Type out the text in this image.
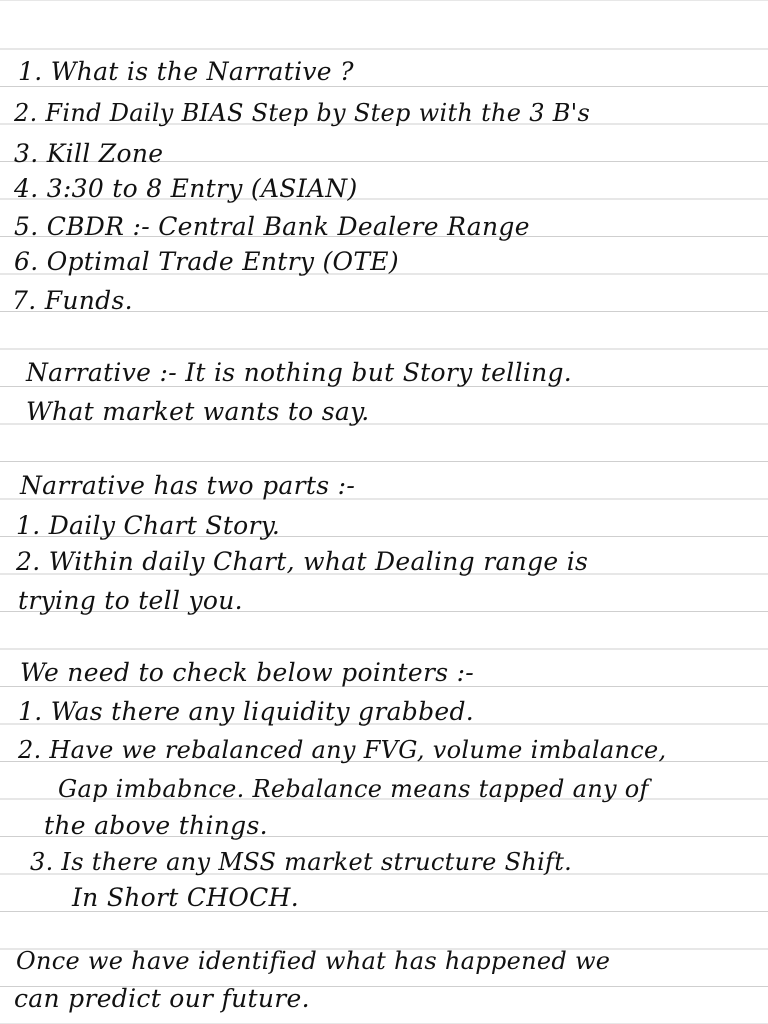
1. What is the Narrative ?

2. Find Daily BIAS Step by Step with the 3 B's

3. Kill Zone

4. 3:30 to 8 Entry (ASIAN)

5. CBDR :- Central Bank Dealere Range

6. Optimal Trade Entry (OTE)

7. Funds.

Narrative :- It is nothing but Story telling.

What market wants to say.

Narrative has two parts :-

1. Daily Chart Story.

2. Within daily Chart, what Dealing range is

trying to tell you.

We need to check below pointers :-

1. Was there any liquidity grabbed.

2. Have we rebalanced any FVG, volume imbalance,

Gap imbabnce. Rebalance means tapped any of

the above things.

3. Is there any MSS market structure Shift.

In Short CHOCH.

Once we have identified what has happened we

can predict our future.
